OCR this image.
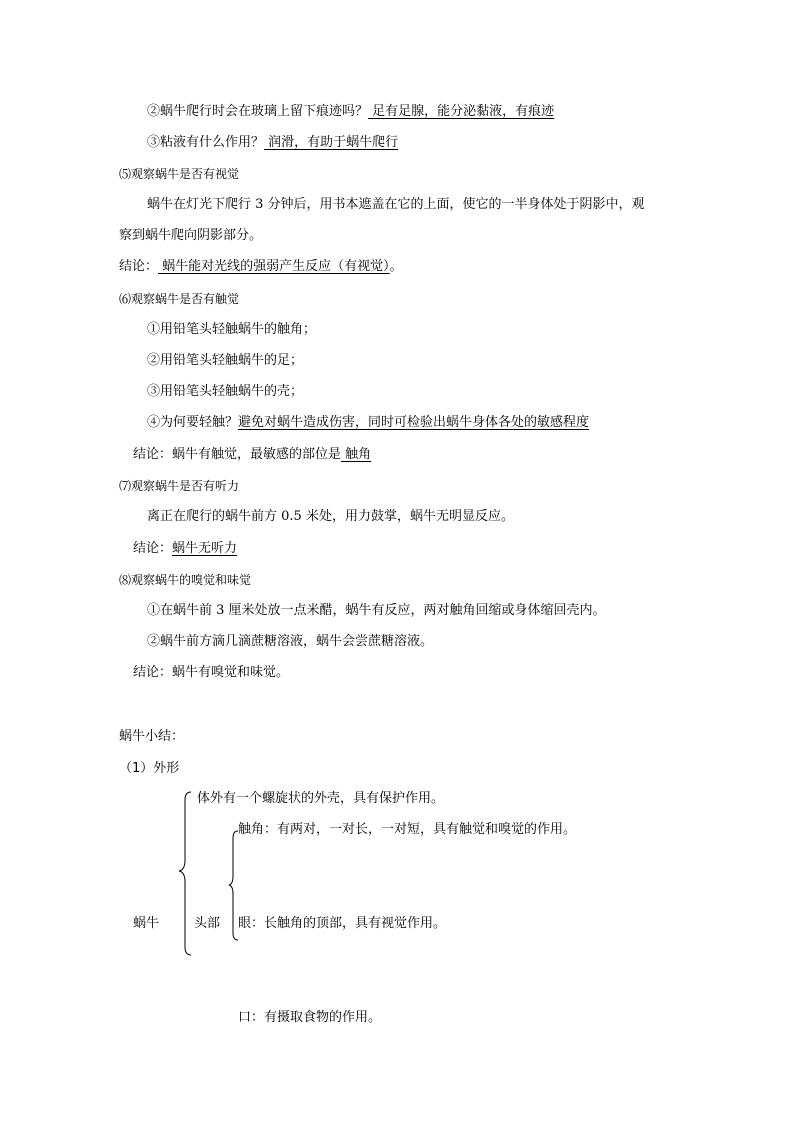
②蜗牛爬行时会在玻璃上留下痕迹吗？ 足有足腺，能分泌黏液，有痕迹
③粘液有什么作用？ 润滑，有助于蜗牛爬行
⑸观察蜗牛是否有视觉
蜗牛在灯光下爬行 3 分钟后，用书本遮盖在它的上面，使它的一半身体处于阴影中，观
察到蜗牛爬向阴影部分。
结论： 蜗牛能对光线的强弱产生反应（有视觉）。
⑹观察蜗牛是否有触觉
①用铅笔头轻触蜗牛的触角；
②用铅笔头轻触蜗牛的足；
③用铅笔头轻触蜗牛的壳；
④为何要轻触？避免对蜗牛造成伤害，同时可检验出蜗牛身体各处的敏感程度
结论：蜗牛有触觉，最敏感的部位是 触角
⑺观察蜗牛是否有听力
离正在爬行的蜗牛前方 0.5 米处，用力鼓掌，蜗牛无明显反应。
结论：蜗牛无听力
⑻观察蜗牛的嗅觉和味觉
①在蜗牛前 3 厘米处放一点米醋，蜗牛有反应，两对触角回缩或身体缩回壳内。
②蜗牛前方滴几滴蔗糖溶液，蜗牛会尝蔗糖溶液。
结论：蜗牛有嗅觉和味觉。
蜗牛小结：
（1）外形
体外有一个螺旋状的外壳，具有保护作用。
触角：有两对，一对长，一对短，具有触觉和嗅觉的作用。
蜗牛	头部 眼：长触角的顶部，具有视觉作用。
口：有摄取食物的作用。
